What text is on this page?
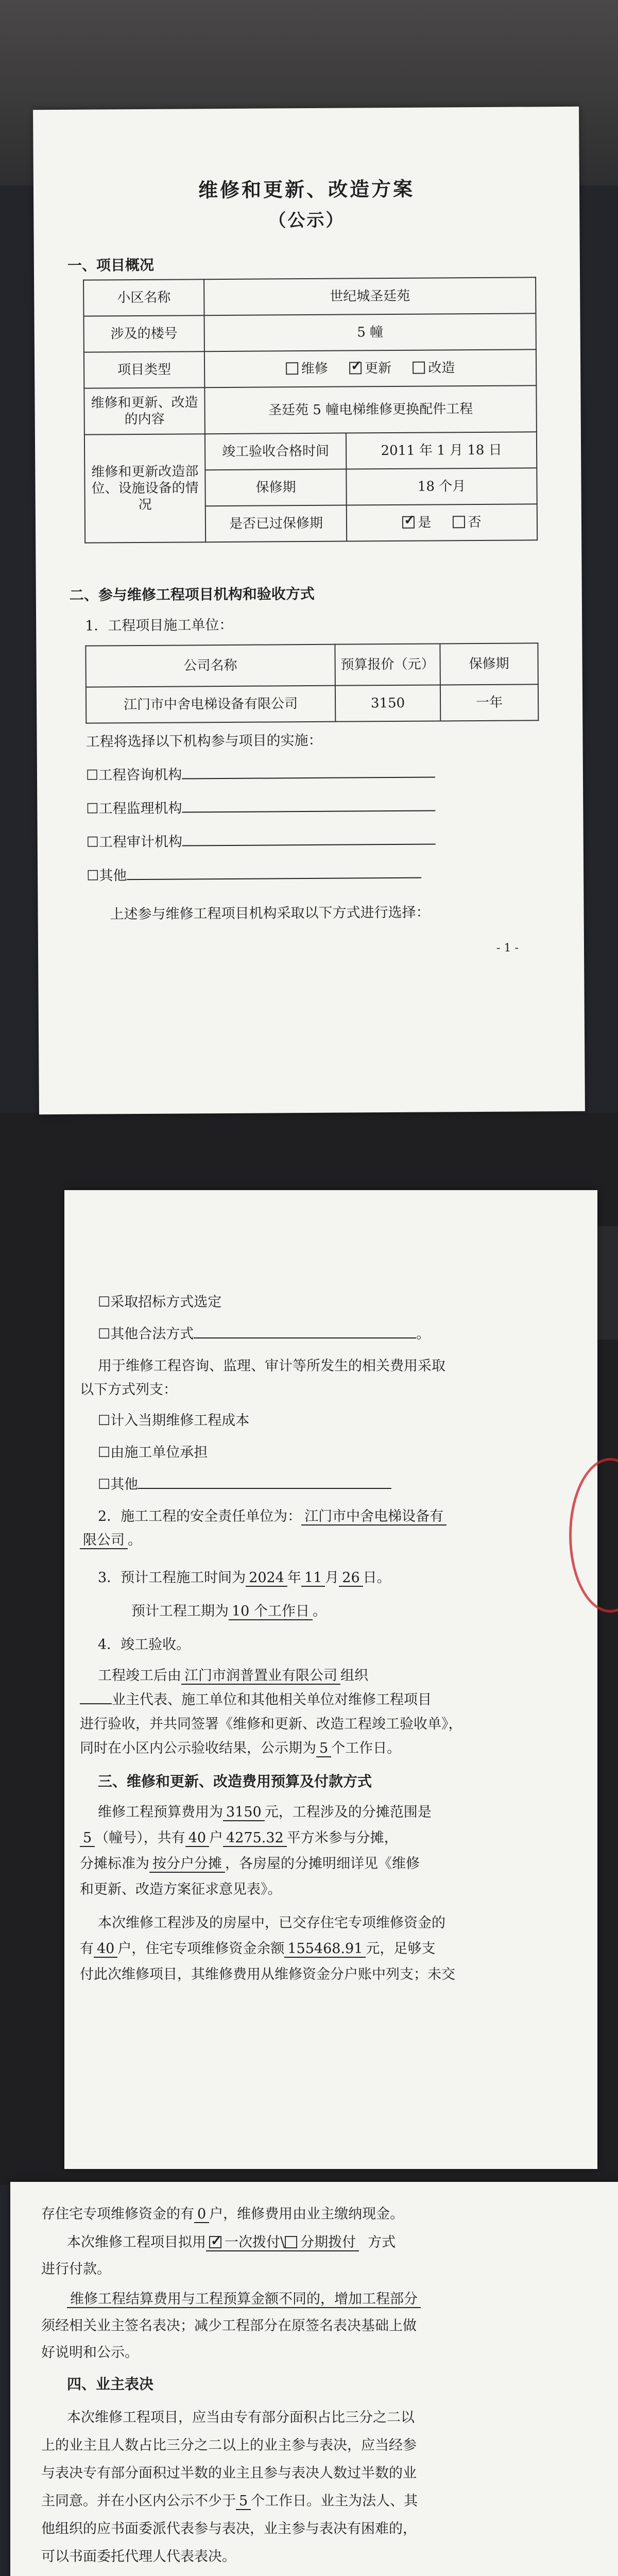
维修和更新、改造方案
（公示）
一、项目概况
小区名称	世纪城圣廷苑	
涉及的楼号	5 幢	
项目类型	维修 ✓ 更新 改造
维修和更新、改造的内容	圣廷苑 5 幢电梯维修更换配件工程	
维修和更新改造部位、设施设备的情况	竣工验收合格时间	2011 年 1 月 18 日
	保修期	18 个月
	是否已过保修期	✓是 否
二、参与维修工程项目机构和验收方式
1．工程项目施工单位：
公司名称	预算报价（元）	保修期
江门市中舍电梯设备有限公司	3150	一年
工程将选择以下机构参与项目的实施：
☐工程咨询机构
☐工程监理机构
☐工程审计机构
☐其他
上述参与维修工程项目机构采取以下方式进行选择：
- 1 -
☐采取招标方式选定
☐其他合法方式	。
用于维修工程咨询、监理、审计等所发生的相关费用采取
以下方式列支：
☐计入当期维修工程成本
☐由施工单位承担
☐其他
2．施工工程的安全责任单位为： 江门市中舍电梯设备有
限公司 。
3．预计工程施工时间为 2024 年 11 月 26 日。
预计工程工期为 10 个工作日 。
4．竣工验收。
工程竣工后由 江门市润普置业有限公司 组织
业主代表、施工单位和其他相关单位对维修工程项目
进行验收，并共同签署《维修和更新、改造工程竣工验收单》，
同时在小区内公示验收结果，公示期为 5 个工作日。
三、维修和更新、改造费用预算及付款方式
维修工程预算费用为 3150 元，工程涉及的分摊范围是
5 （幢号），共有 40 户 4275.32 平方米参与分摊，
分摊标准为 按分户分摊 ，各房屋的分摊明细详见《维修
和更新、改造方案征求意见表》。
本次维修工程涉及的房屋中，已交存住宅专项维修资金的
有 40 户，住宅专项维修资金余额 155468.91 元，足够支
付此次维修项目，其维修费用从维修资金分户账中列支；未交
存住宅专项维修资金的有 0 户，维修费用由业主缴纳现金。
本次维修工程项目拟用 ✓ 一次拨付\ 分期拨付 方式
进行付款。
维修工程结算费用与工程预算金额不同的，增加工程部分
须经相关业主签名表决；减少工程部分在原签名表决基础上做
好说明和公示。
四、业主表决
本次维修工程项目，应当由专有部分面积占比三分之二以
上的业主且人数占比三分之二以上的业主参与表决，应当经参
与表决专有部分面积过半数的业主且参与表决人数过半数的业
主同意。并在小区内公示不少于 5 个工作日。业主为法人、其
他组织的应书面委派代表参与表决，业主参与表决有困难的，
可以书面委托代理人代表表决。
